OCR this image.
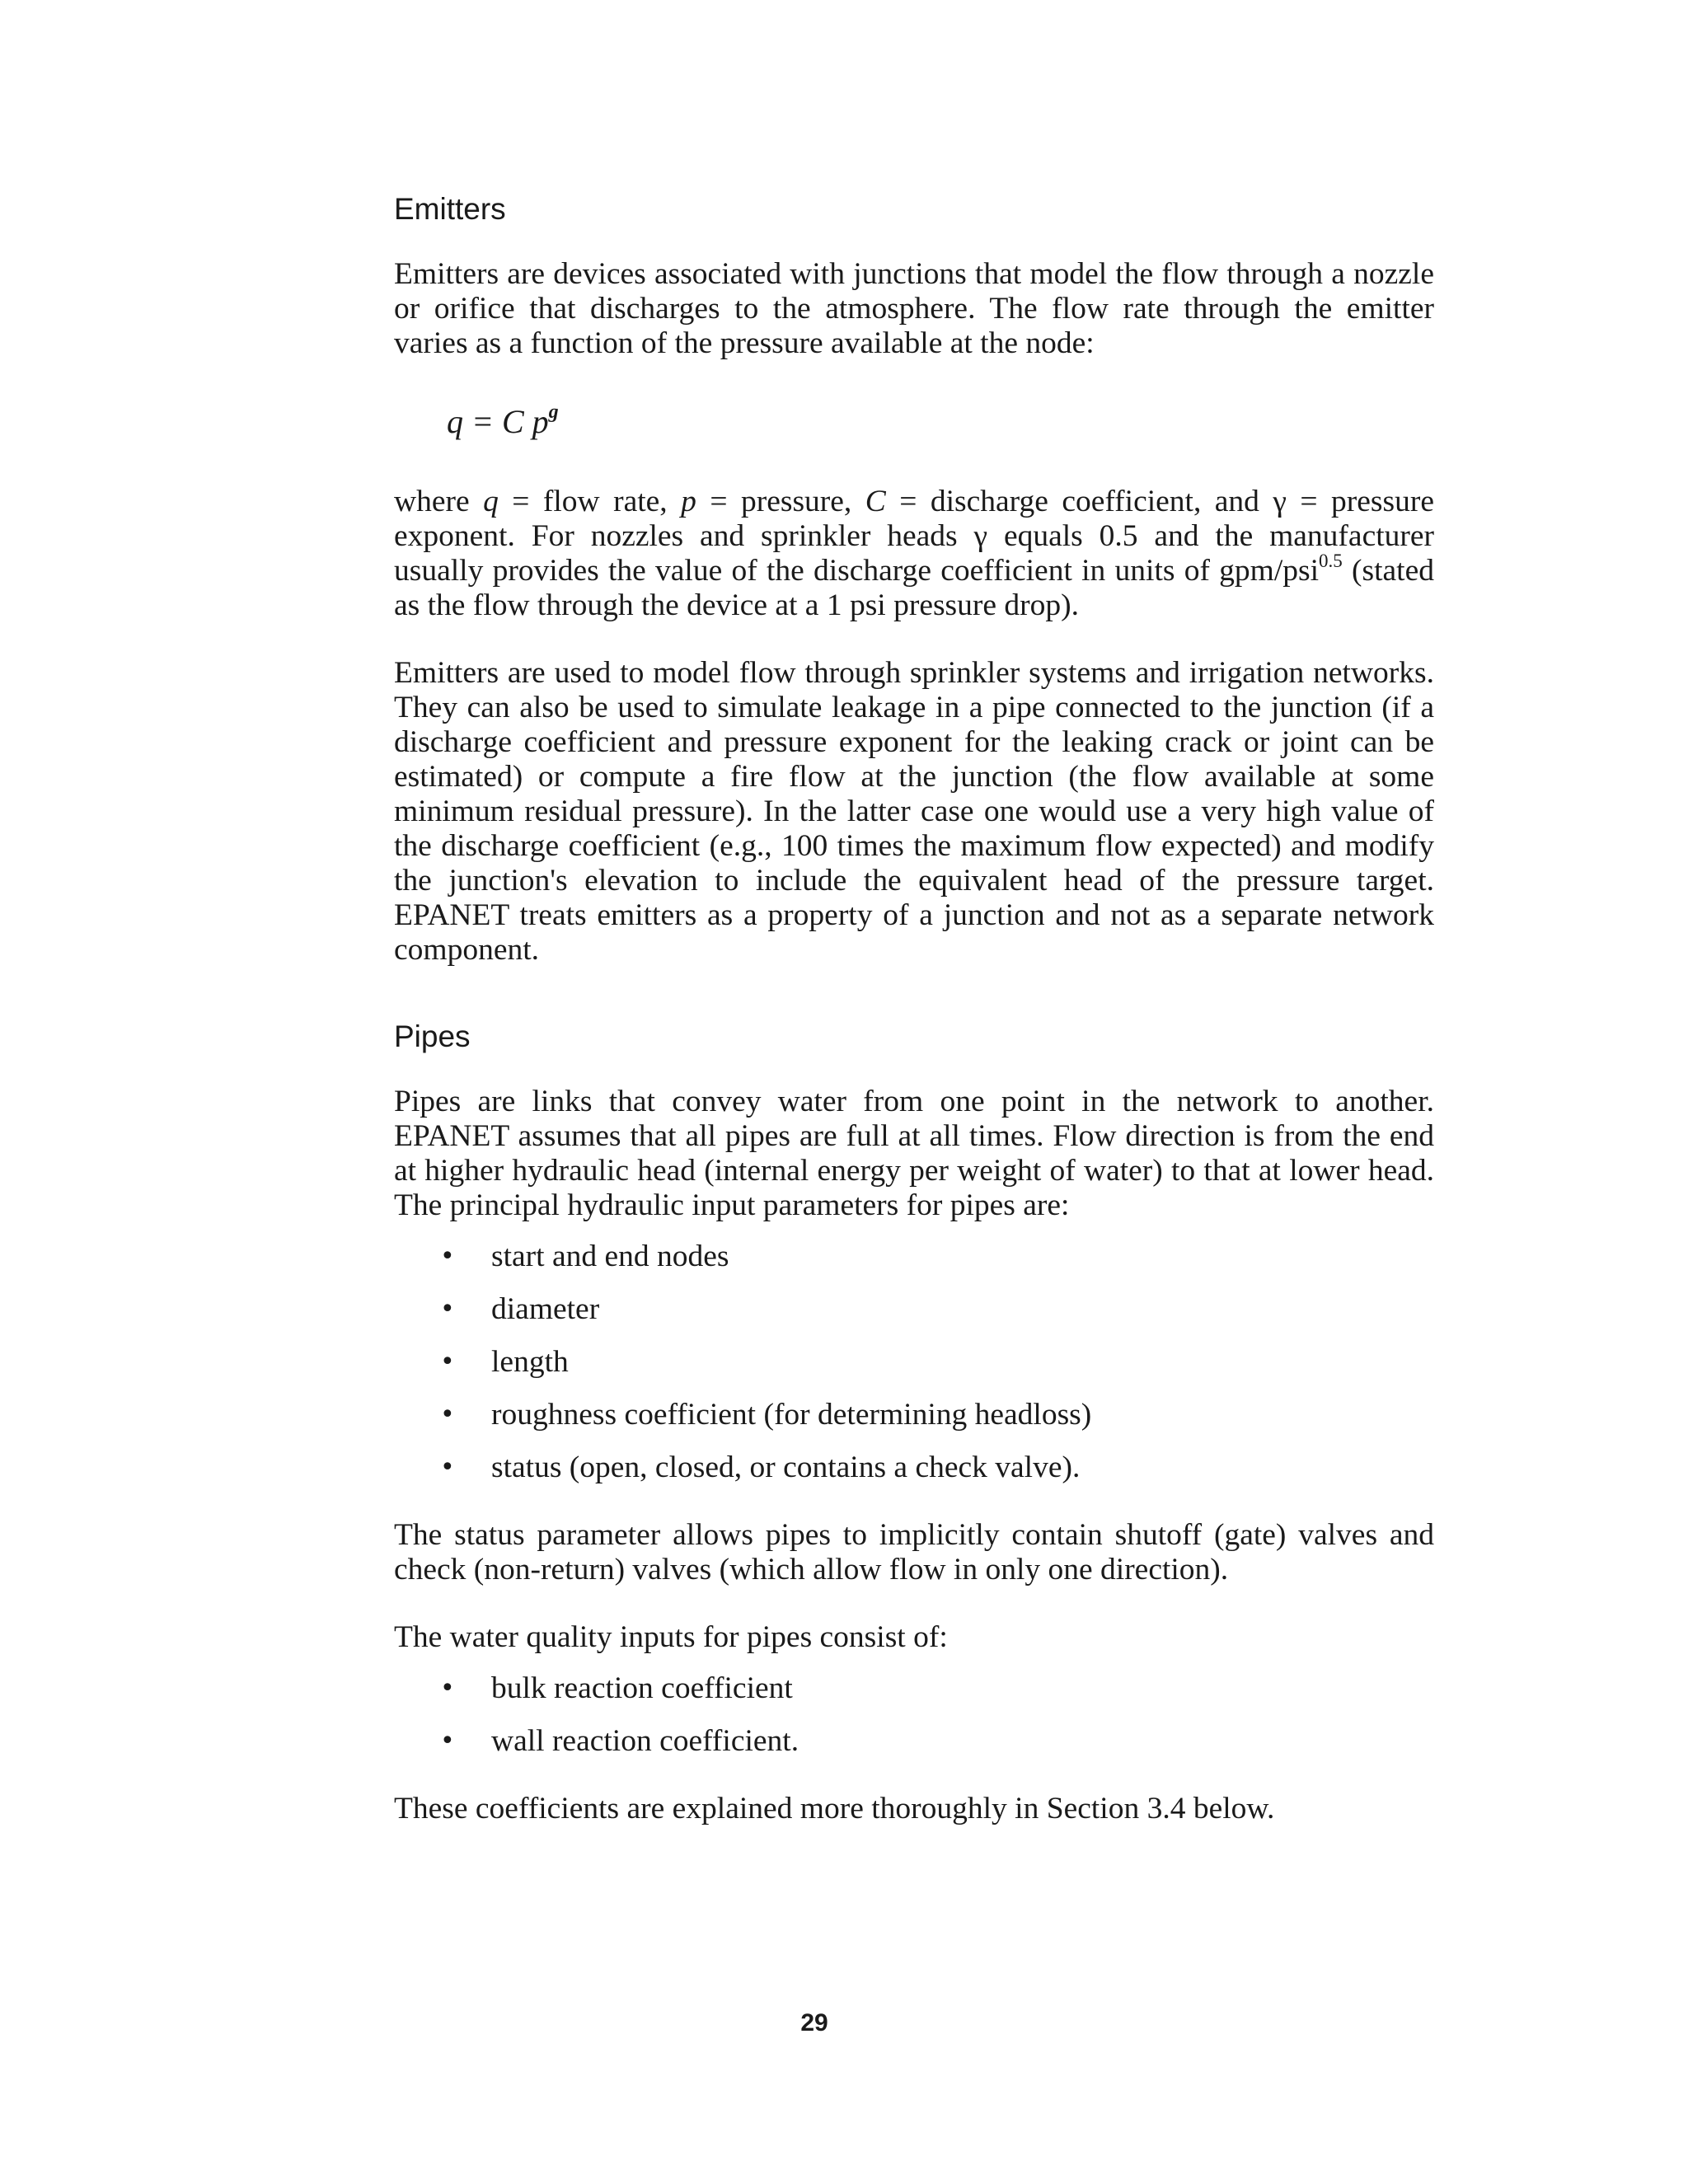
Emitters

Emitters are devices associated with junctions that model the flow through a nozzle or orifice that discharges to the atmosphere. The flow rate through the emitter varies as a function of the pressure available at the node:

q = C $p^g$

where q = flow rate, p = pressure, C = discharge coefficient, and γ = pressure exponent. For nozzles and sprinkler heads γ equals 0.5 and the manufacturer usually provides the value of the discharge coefficient in units of gpm/psi$^{0.5}$ (stated as the flow through the device at a 1 psi pressure drop).

Emitters are used to model flow through sprinkler systems and irrigation networks. They can also be used to simulate leakage in a pipe connected to the junction (if a discharge coefficient and pressure exponent for the leaking crack or joint can be estimated) or compute a fire flow at the junction (the flow available at some minimum residual pressure). In the latter case one would use a very high value of the discharge coefficient (e.g., 100 times the maximum flow expected) and modify the junction's elevation to include the equivalent head of the pressure target. EPANET treats emitters as a property of a junction and not as a separate network component.

Pipes

Pipes are links that convey water from one point in the network to another. EPANET assumes that all pipes are full at all times. Flow direction is from the end at higher hydraulic head (internal energy per weight of water) to that at lower head. The principal hydraulic input parameters for pipes are:

• start and end nodes
• diameter
• length
• roughness coefficient (for determining headloss)
• status (open, closed, or contains a check valve).

The status parameter allows pipes to implicitly contain shutoff (gate) valves and check (non-return) valves (which allow flow in only one direction).

The water quality inputs for pipes consist of:

• bulk reaction coefficient
• wall reaction coefficient.

These coefficients are explained more thoroughly in Section 3.4 below.

29
